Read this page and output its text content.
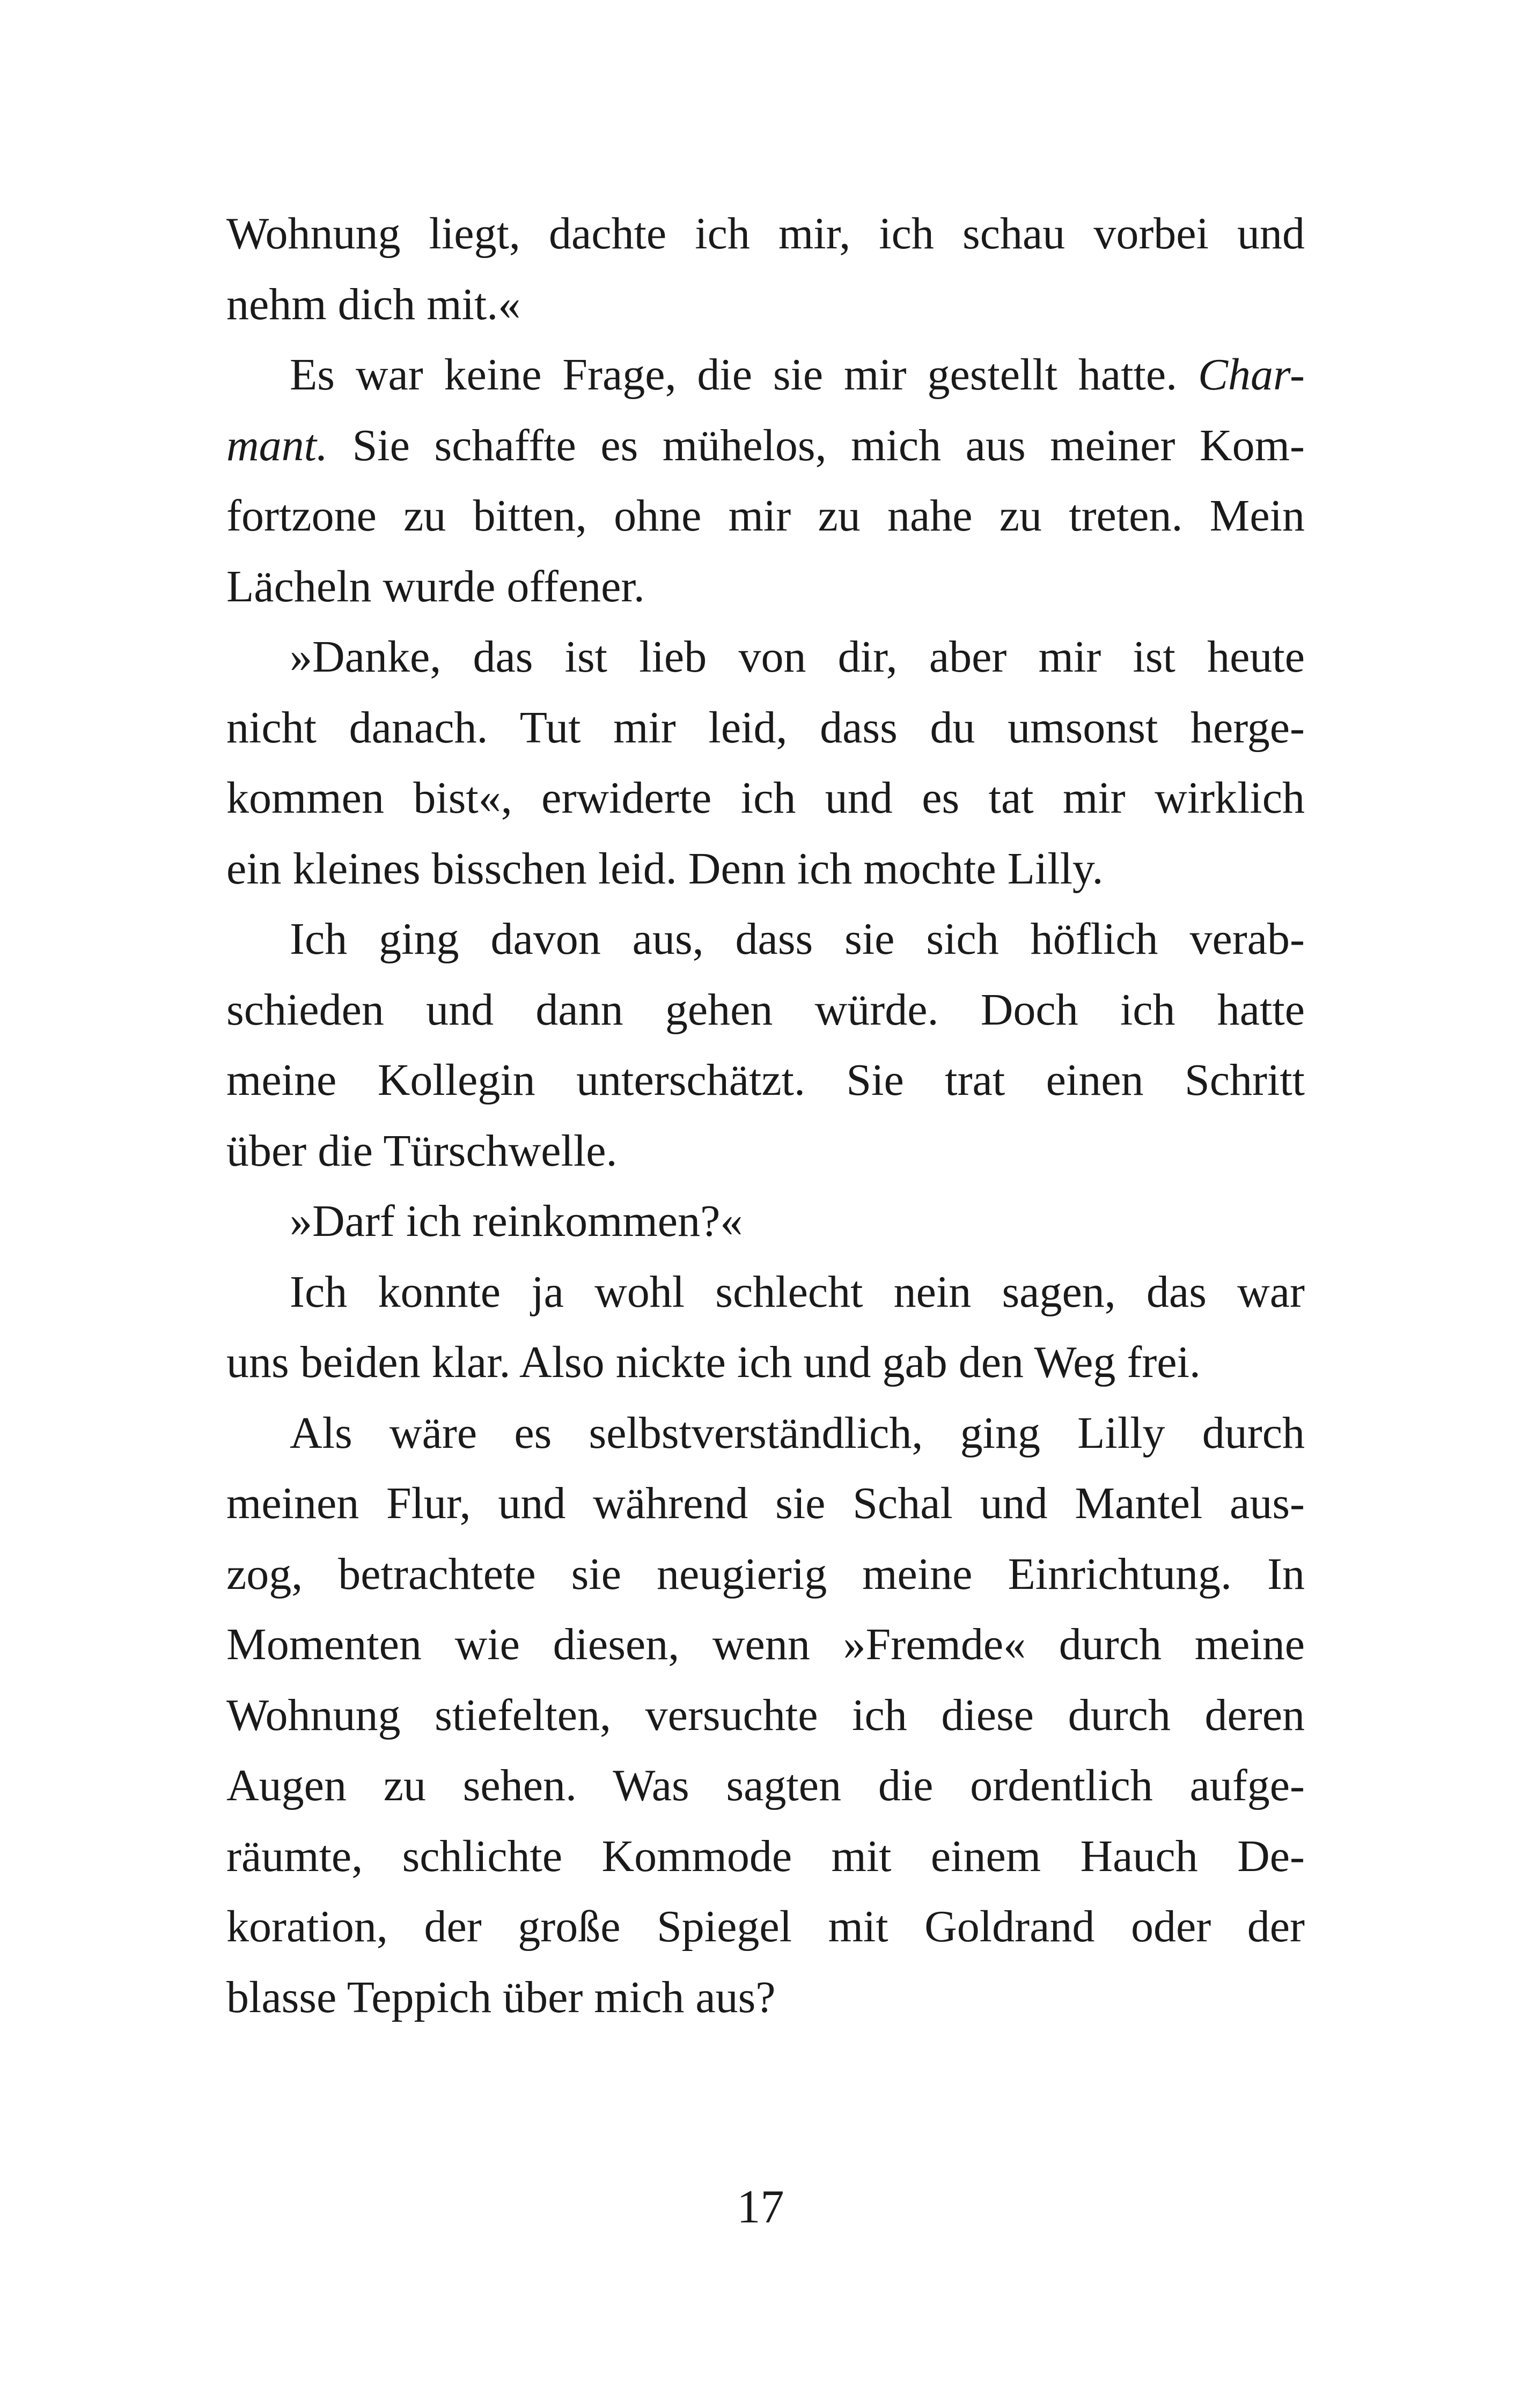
Wohnung liegt, dachte ich mir, ich schau vorbei und
nehm dich mit.«
Es war keine Frage, die sie mir gestellt hatte. Char-
mant. Sie schaffte es mühelos, mich aus meiner Kom-
fortzone zu bitten, ohne mir zu nahe zu treten. Mein
Lächeln wurde offener.
»Danke, das ist lieb von dir, aber mir ist heute
nicht danach. Tut mir leid, dass du umsonst herge-
kommen bist«, erwiderte ich und es tat mir wirklich
ein kleines bisschen leid. Denn ich mochte Lilly.
Ich ging davon aus, dass sie sich höflich verab-
schieden und dann gehen würde. Doch ich hatte
meine Kollegin unterschätzt. Sie trat einen Schritt
über die Türschwelle.
»Darf ich reinkommen?«
Ich konnte ja wohl schlecht nein sagen, das war
uns beiden klar. Also nickte ich und gab den Weg frei.
Als wäre es selbstverständlich, ging Lilly durch
meinen Flur, und während sie Schal und Mantel aus-
zog, betrachtete sie neugierig meine Einrichtung. In
Momenten wie diesen, wenn »Fremde« durch meine
Wohnung stiefelten, versuchte ich diese durch deren
Augen zu sehen. Was sagten die ordentlich aufge-
räumte, schlichte Kommode mit einem Hauch De-
koration, der große Spiegel mit Goldrand oder der
blasse Teppich über mich aus?
17
